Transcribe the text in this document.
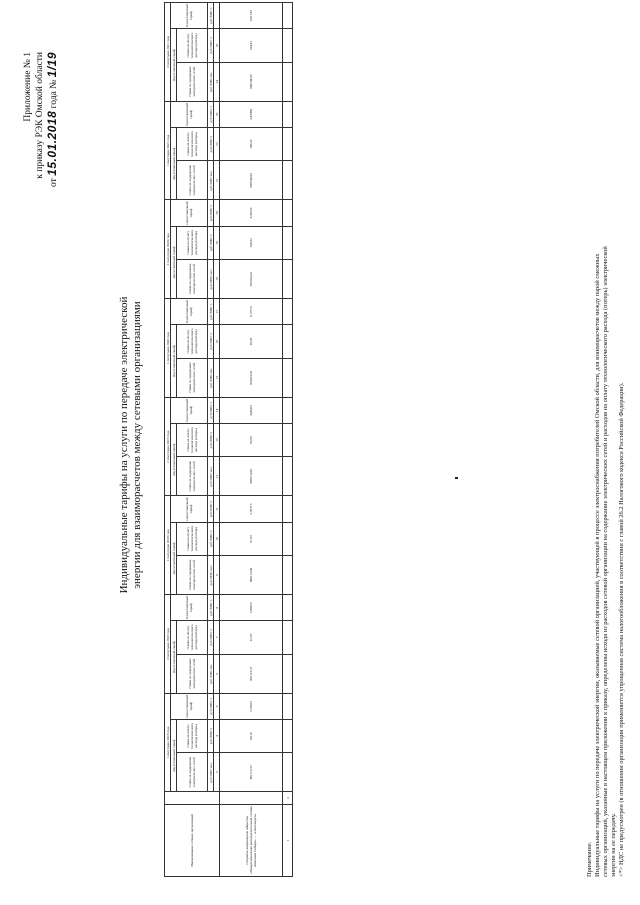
Приложение № 1 к приказу РЭК Омской области
от 15.01.2018 года № 1/19
Индивидуальные тарифы на услуги по передаче электрической энергии для взаиморасчетов между сетевыми организациями
Наименование сетевых организаций		1 полугодие 2018 года			2 полугодие 2018 года			1 полугодие 2019 года			2 полугодие 2019 года			1 полугодие 2020 года			2 полугодие 2020 года			1 полугодие 2021 года			2 полугодие 2021 года		
		Двухставочный тариф		Одноставочный тариф	Двухставочный тариф		Одноставочный тариф	Двухставочный тариф		Одноставочный тариф	Двухставочный тариф		Одноставочный тариф	Двухставочный тариф		Одноставочный тариф	Двухставочный тариф		Одноставочный тариф	Двухставочный тариф		Одноставочный тариф	Двухставочный тариф		Одноставочный тариф
		ставка за содержание электрических сетей	ставка на оплату технологического расхода (потерь)		ставка за содержание электрических сетей	ставка на оплату технологического расхода (потерь)		ставка за содержание электрических сетей	ставка на оплату технологического расхода (потерь)		ставка за содержание электрических сетей	ставка на оплату технологического расхода (потерь)		ставка за содержание электрических сетей	ставка на оплату технологического расхода (потерь)		ставка за содержание электрических сетей	ставка на оплату технологического расхода (потерь)		ставка за содержание электрических сетей	ставка на оплату технологического расхода (потерь)		ставка за содержание электрических сетей	ставка на оплату технологического расхода (потерь)	
		руб./МВт·мес.	руб./МВт·ч	руб./МВт·ч	руб./МВт·мес.	руб./МВт·ч	руб./МВт·ч	руб./МВт·мес.	руб./МВт·ч	руб./МВт·ч	руб./МВт·мес.	руб./МВт·ч	руб./МВт·ч	руб./МВт·мес.	руб./МВт·ч	руб./МВт·ч	руб./МВт·мес.	руб./МВт·ч	руб./МВт·ч	руб./МВт·мес.	руб./МВт·ч	руб./МВт·ч	руб./МВт·мес.	руб./МВт·ч	руб./МВт·ч
		3	4	5	6	7	8	9	10	11	12	13	14	15	16	17	18	19	20	21	22	23	24	25	
Открытое акционерное общество «Межрегиональная распределительная сетевая компания Сибири» — «Омскэнерго»		861112,57	90,16	2,78015	861112,57	91,67	2,89415	888113,00	91,67	2,95715	888113,00	95,95	3,08415	932010,01	95,95	3,17515	932010,01	100,32	3,34110	980744,93	100,32	3,42860	980744,93	104,91	3,61233
1	2																								
Примечание. Индивидуальные тарифы на услуги по передаче электрической энергии, оказываемые сетевой организацией, участвующей в процессе электроснабжения потребителей Омской области, для взаиморасчетов между парой смежных сетевых организаций, указанные в настоящем приложении к приказу, определены исходя из расходов сетевой организации на содержание электрических сетей и расходов на оплату технологического расхода (потерь) электрической энергии на ее передачу. <*> НДС не предусмотрен (в отношении организации применяется упрощенная система налогообложения в соответствии с главой 26.2 Налогового кодекса Российской Федерации).
